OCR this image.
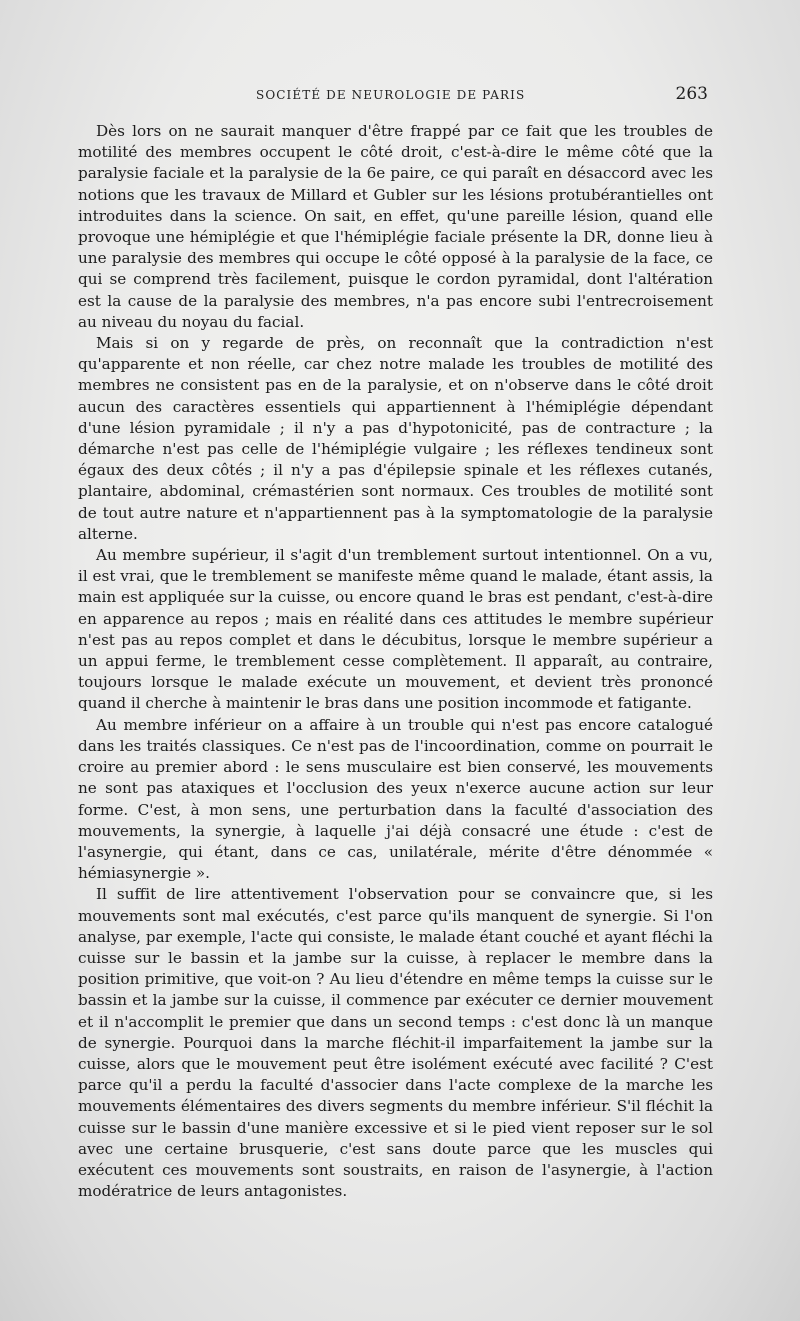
SOCIÉTÉ DE NEUROLOGIE DE PARIS	263

Dès lors on ne saurait manquer d'être frappé par ce fait que les troubles de motilité des membres occupent le côté droit, c'est-à-dire le même côté que la paralysie faciale et la paralysie de la 6e paire, ce qui paraît en désaccord avec les notions que les travaux de Millard et Gubler sur les lésions protubérantielles ont introduites dans la science. On sait, en effet, qu'une pareille lésion, quand elle provoque une hémiplégie et que l'hémiplégie faciale présente la DR, donne lieu à une paralysie des membres qui occupe le côté opposé à la paralysie de la face, ce qui se comprend très facilement, puisque le cordon pyramidal, dont l'altération est la cause de la paralysie des membres, n'a pas encore subi l'entrecroisement au niveau du noyau du facial.

Mais si on y regarde de près, on reconnaît que la contradiction n'est qu'apparente et non réelle, car chez notre malade les troubles de motilité des membres ne consistent pas en de la paralysie, et on n'observe dans le côté droit aucun des caractères essentiels qui appartiennent à l'hémiplégie dépendant d'une lésion pyramidale ; il n'y a pas d'hypotonicité, pas de contracture ; la démarche n'est pas celle de l'hémiplégie vulgaire ; les réflexes tendineux sont égaux des deux côtés ; il n'y a pas d'épilepsie spinale et les réflexes cutanés, plantaire, abdominal, crémastérien sont normaux. Ces troubles de motilité sont de tout autre nature et n'appartiennent pas à la symptomatologie de la paralysie alterne.

Au membre supérieur, il s'agit d'un tremblement surtout intentionnel. On a vu, il est vrai, que le tremblement se manifeste même quand le malade, étant assis, la main est appliquée sur la cuisse, ou encore quand le bras est pendant, c'est-à-dire en apparence au repos ; mais en réalité dans ces attitudes le membre supérieur n'est pas au repos complet et dans le décubitus, lorsque le membre supérieur a un appui ferme, le tremblement cesse complètement. Il apparaît, au contraire, toujours lorsque le malade exécute un mouvement, et devient très prononcé quand il cherche à maintenir le bras dans une position incommode et fatigante.

Au membre inférieur on a affaire à un trouble qui n'est pas encore catalogué dans les traités classiques. Ce n'est pas de l'incoordination, comme on pourrait le croire au premier abord : le sens musculaire est bien conservé, les mouvements ne sont pas ataxiques et l'occlusion des yeux n'exerce aucune action sur leur forme. C'est, à mon sens, une perturbation dans la faculté d'association des mouvements, la synergie, à laquelle j'ai déjà consacré une étude : c'est de l'asynergie, qui étant, dans ce cas, unilatérale, mérite d'être dénommée « hémiasynergie ».

Il suffit de lire attentivement l'observation pour se convaincre que, si les mouvements sont mal exécutés, c'est parce qu'ils manquent de synergie. Si l'on analyse, par exemple, l'acte qui consiste, le malade étant couché et ayant fléchi la cuisse sur le bassin et la jambe sur la cuisse, à replacer le membre dans la position primitive, que voit-on ? Au lieu d'étendre en même temps la cuisse sur le bassin et la jambe sur la cuisse, il commence par exécuter ce dernier mouvement et il n'accomplit le premier que dans un second temps : c'est donc là un manque de synergie. Pourquoi dans la marche fléchit-il imparfaitement la jambe sur la cuisse, alors que le mouvement peut être isolément exécuté avec facilité ? C'est parce qu'il a perdu la faculté d'associer dans l'acte complexe de la marche les mouvements élémentaires des divers segments du membre inférieur. S'il fléchit la cuisse sur le bassin d'une manière excessive et si le pied vient reposer sur le sol avec une certaine brusquerie, c'est sans doute parce que les muscles qui exécutent ces mouvements sont soustraits, en raison de l'asynergie, à l'action modératrice de leurs antagonistes.
